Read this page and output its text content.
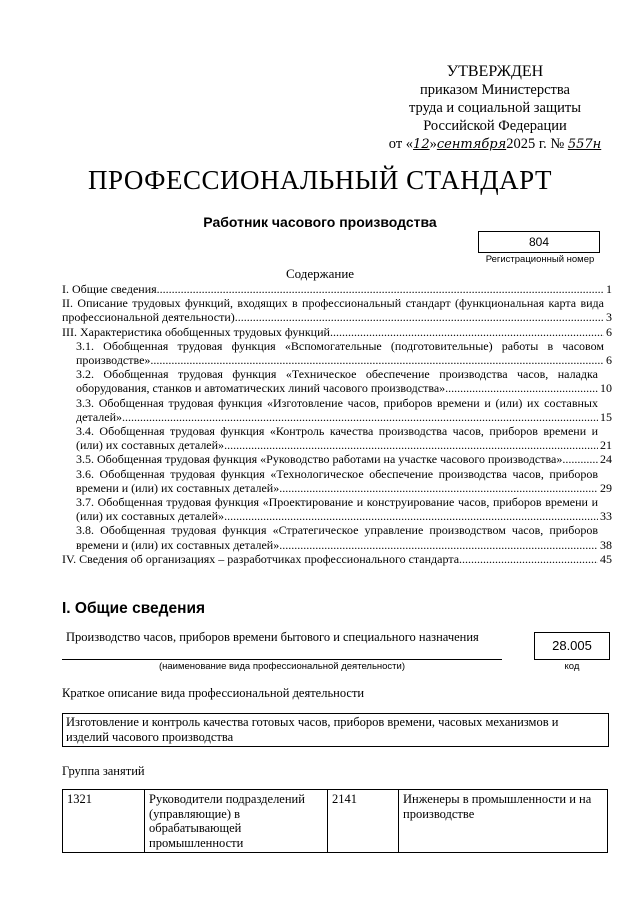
УТВЕРЖДЕН
приказом Министерства
труда и социальной защиты
Российской Федерации
от «12»сентября2025 г. № 557н
ПРОФЕССИОНАЛЬНЫЙ СТАНДАРТ
Работник часового производства
804
Регистрационный номер
Содержание
I. Общие сведения .....	1
II. Описание трудовых функций, входящих в профессиональный стандарт (функциональная карта вида профессиональной деятельности) .....	3
III. Характеристика обобщенных трудовых функций .....	6
3.1. Обобщенная трудовая функция «Вспомогательные (подготовительные) работы в часовом производстве» .....	6
3.2. Обобщенная трудовая функция «Техническое обеспечение производства часов, наладка оборудования, станков и автоматических линий часового производства» .....	10
3.3. Обобщенная трудовая функция «Изготовление часов, приборов времени и (или) их составных деталей» .....	15
3.4. Обобщенная трудовая функция «Контроль качества производства часов, приборов времени и (или) их составных деталей» .....	21
3.5. Обобщенная трудовая функция «Руководство работами на участке часового производства» .....	24
3.6. Обобщенная трудовая функция «Технологическое обеспечение производства часов, приборов времени и (или) их составных деталей» .....	29
3.7. Обобщенная трудовая функция «Проектирование и конструирование часов, приборов времени и (или) их составных деталей» .....	33
3.8. Обобщенная трудовая функция «Стратегическое управление производством часов, приборов времени и (или) их составных деталей» .....	38
IV. Сведения об организациях – разработчиках профессионального стандарта .....	45
I. Общие сведения
Производство часов, приборов времени бытового и специального назначения
(наименование вида профессиональной деятельности)
28.005
код
Краткое описание вида профессиональной деятельности
Изготовление и контроль качества готовых часов, приборов времени, часовых механизмов и изделий часового производства
Группа занятий
1321	Руководители подразделений (управляющие) в обрабатывающей промышленности	2141	Инженеры в промышленности и на производстве
